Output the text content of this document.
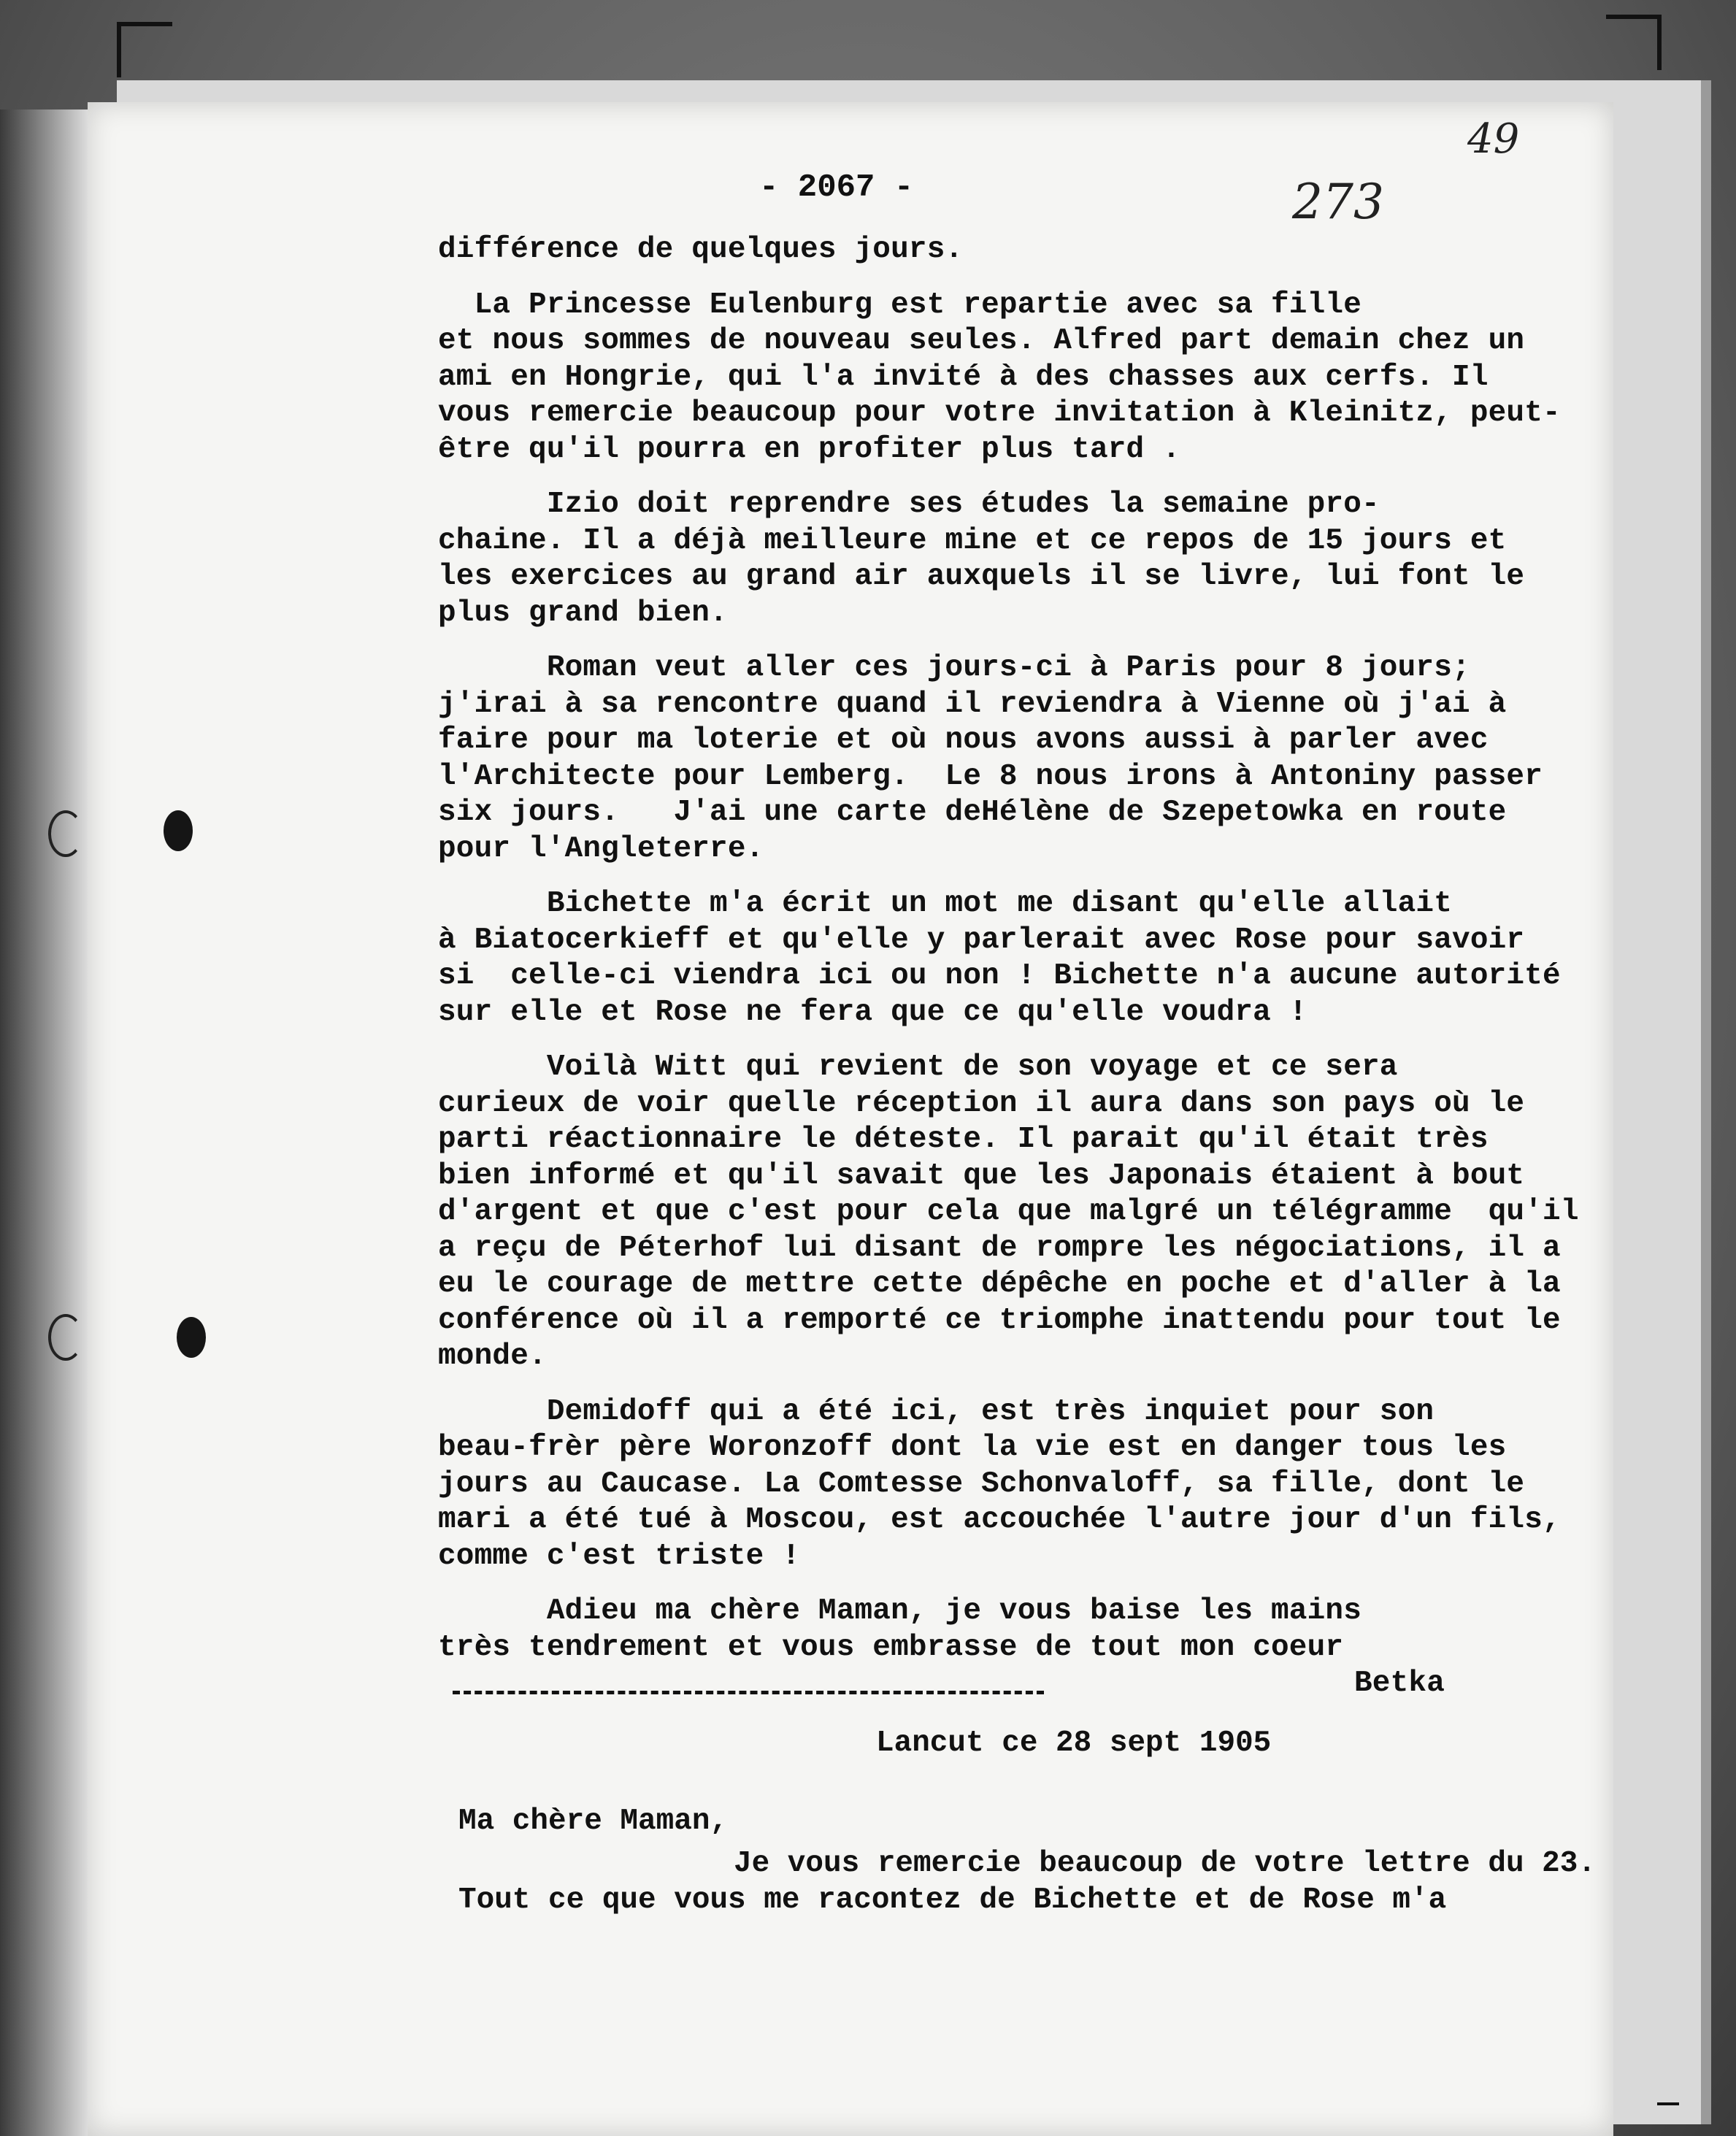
49
273
- 2067 -
différence de quelques jours.
La Princesse Eulenburg est repartie avec sa fille
et nous sommes de nouveau seules. Alfred part demain chez un
ami en Hongrie, qui l'a invité à des chasses aux cerfs. Il
vous remercie beaucoup pour votre invitation à Kleinitz, peut-
être qu'il pourra en profiter plus tard .
Izio doit reprendre ses études la semaine pro-
chaine. Il a déjà meilleure mine et ce repos de 15 jours et
les exercices au grand air auxquels il se livre, lui font le
plus grand bien.
Roman veut aller ces jours-ci à Paris pour 8 jours;
j'irai à sa rencontre quand il reviendra à Vienne où j'ai à
faire pour ma loterie et où nous avons aussi à parler avec
l'Architecte pour Lemberg.  Le 8 nous irons à Antoniny passer
six jours.   J'ai une carte deHélène de Szepetowka en route
pour l'Angleterre.
Bichette m'a écrit un mot me disant qu'elle allait
à Biatocerkieff et qu'elle y parlerait avec Rose pour savoir
si  celle-ci viendra ici ou non ! Bichette n'a aucune autorité
sur elle et Rose ne fera que ce qu'elle voudra !
Voilà Witt qui revient de son voyage et ce sera
curieux de voir quelle réception il aura dans son pays où le
parti réactionnaire le déteste. Il parait qu'il était très
bien informé et qu'il savait que les Japonais étaient à bout
d'argent et que c'est pour cela que malgré un télégramme  qu'il
a reçu de Péterhof lui disant de rompre les négociations, il a
eu le courage de mettre cette dépêche en poche et d'aller à la
conférence où il a remporté ce triomphe inattendu pour tout le
monde.
Demidoff qui a été ici, est très inquiet pour son
beau-frèr père Woronzoff dont la vie est en danger tous les
jours au Caucase. La Comtesse Schonvaloff, sa fille, dont le
mari a été tué à Moscou, est accouchée l'autre jour d'un fils,
comme c'est triste !
Adieu ma chère Maman, je vous baise les mains
très tendrement et vous embrasse de tout mon coeur
Betka
Lancut ce 28 sept 1905
Ma chère Maman,
Je vous remercie beaucoup de votre lettre du 23.
Tout ce que vous me racontez de Bichette et de Rose m'a
